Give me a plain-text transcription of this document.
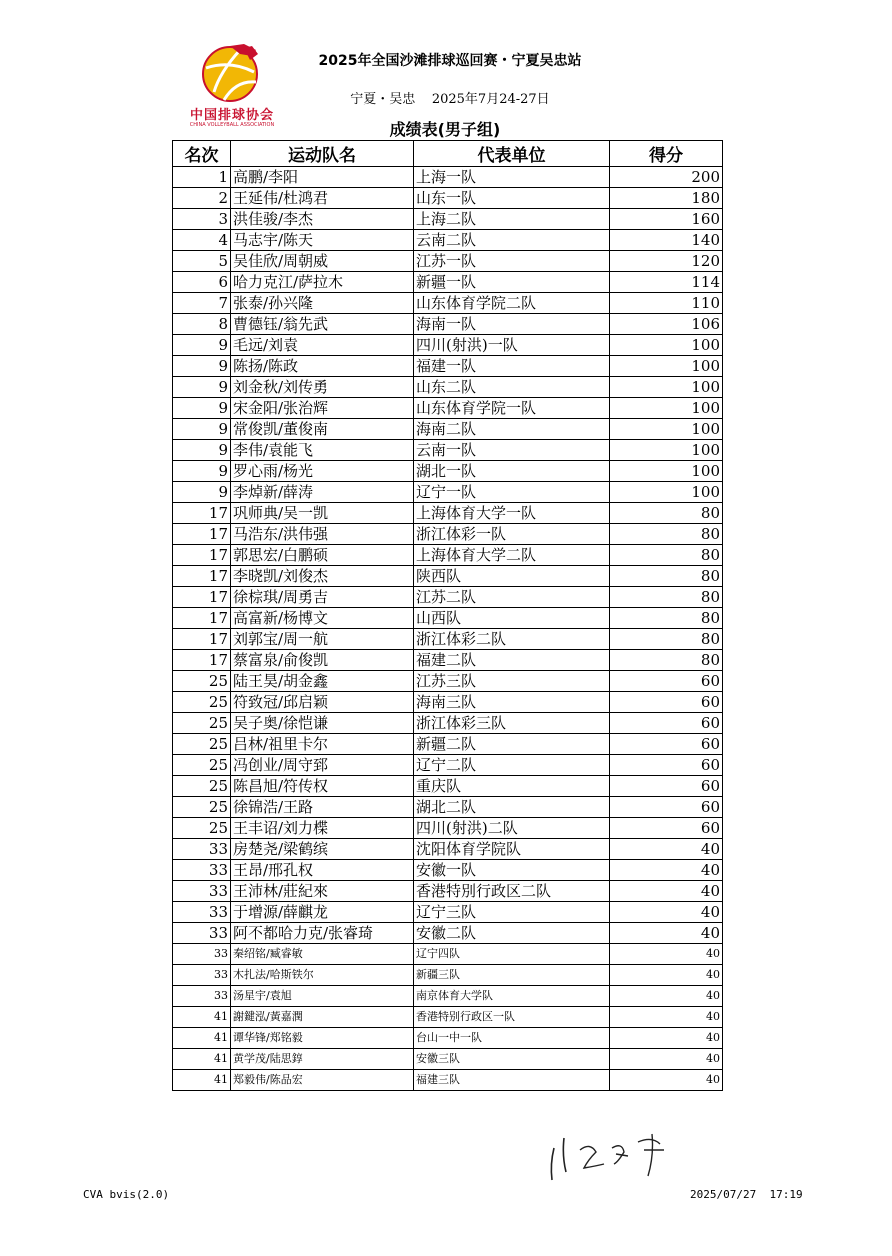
中国排球协会
CHINA VOLLEYBALL ASSOCIATION
2025年全国沙滩排球巡回赛・宁夏吴忠站
宁夏・吴忠 2025年7月24-27日
成绩表(男子组)
名次	运动队名	代表单位	得分
1	高鹏/李阳	上海一队	200
2	王延伟/杜鸿君	山东一队	180
3	洪佳骏/李杰	上海二队	160
4	马志宇/陈天	云南二队	140
5	吴佳欣/周朝威	江苏一队	120
6	哈力克江/萨拉木	新疆一队	114
7	张泰/孙兴隆	山东体育学院二队	110
8	曹德钰/翁先武	海南一队	106
9	毛远/刘袁	四川(射洪)一队	100
9	陈扬/陈政	福建一队	100
9	刘金秋/刘传勇	山东二队	100
9	宋金阳/张治辉	山东体育学院一队	100
9	常俊凯/董俊南	海南二队	100
9	李伟/袁能飞	云南一队	100
9	罗心雨/杨光	湖北一队	100
9	李焯新/薛涛	辽宁一队	100
17	巩师典/吴一凯	上海体育大学一队	80
17	马浩东/洪伟强	浙江体彩一队	80
17	郭思宏/白鹏硕	上海体育大学二队	80
17	李晓凯/刘俊杰	陕西队	80
17	徐棕琪/周勇吉	江苏二队	80
17	高富新/杨博文	山西队	80
17	刘郭宝/周一航	浙江体彩二队	80
17	蔡富泉/俞俊凯	福建二队	80
25	陆王昊/胡金鑫	江苏三队	60
25	符致冠/邱启颖	海南三队	60
25	吴子奥/徐恺谦	浙江体彩三队	60
25	吕林/祖里卡尔	新疆二队	60
25	冯创业/周守郅	辽宁二队	60
25	陈昌旭/符传权	重庆队	60
25	徐锦浩/王路	湖北二队	60
25	王丰诏/刘力楪	四川(射洪)二队	60
33	房楚尧/梁鹤缤	沈阳体育学院队	40
33	王昂/邢孔权	安徽一队	40
33	王沛林/莊紀來	香港特別行政区二队	40
33	于增源/薛麒龙	辽宁三队	40
33	阿不都哈力克/张睿琦	安徽二队	40
33	秦绍铭/臧睿敏	辽宁四队	40
33	木扎法/哈斯铁尔	新疆三队	40
33	汤星宇/袁旭	南京体育大学队	40
41	謝鍵泓/黃嘉潤	香港特别行政区一队	40
41	谭华锋/郑铭毅	台山一中一队	40
41	黄学茂/陆思錞	安徽三队	40
41	郑毅伟/陈品宏	福建三队	40
CVA bvis(2.0)	2025/07/27  17:19
